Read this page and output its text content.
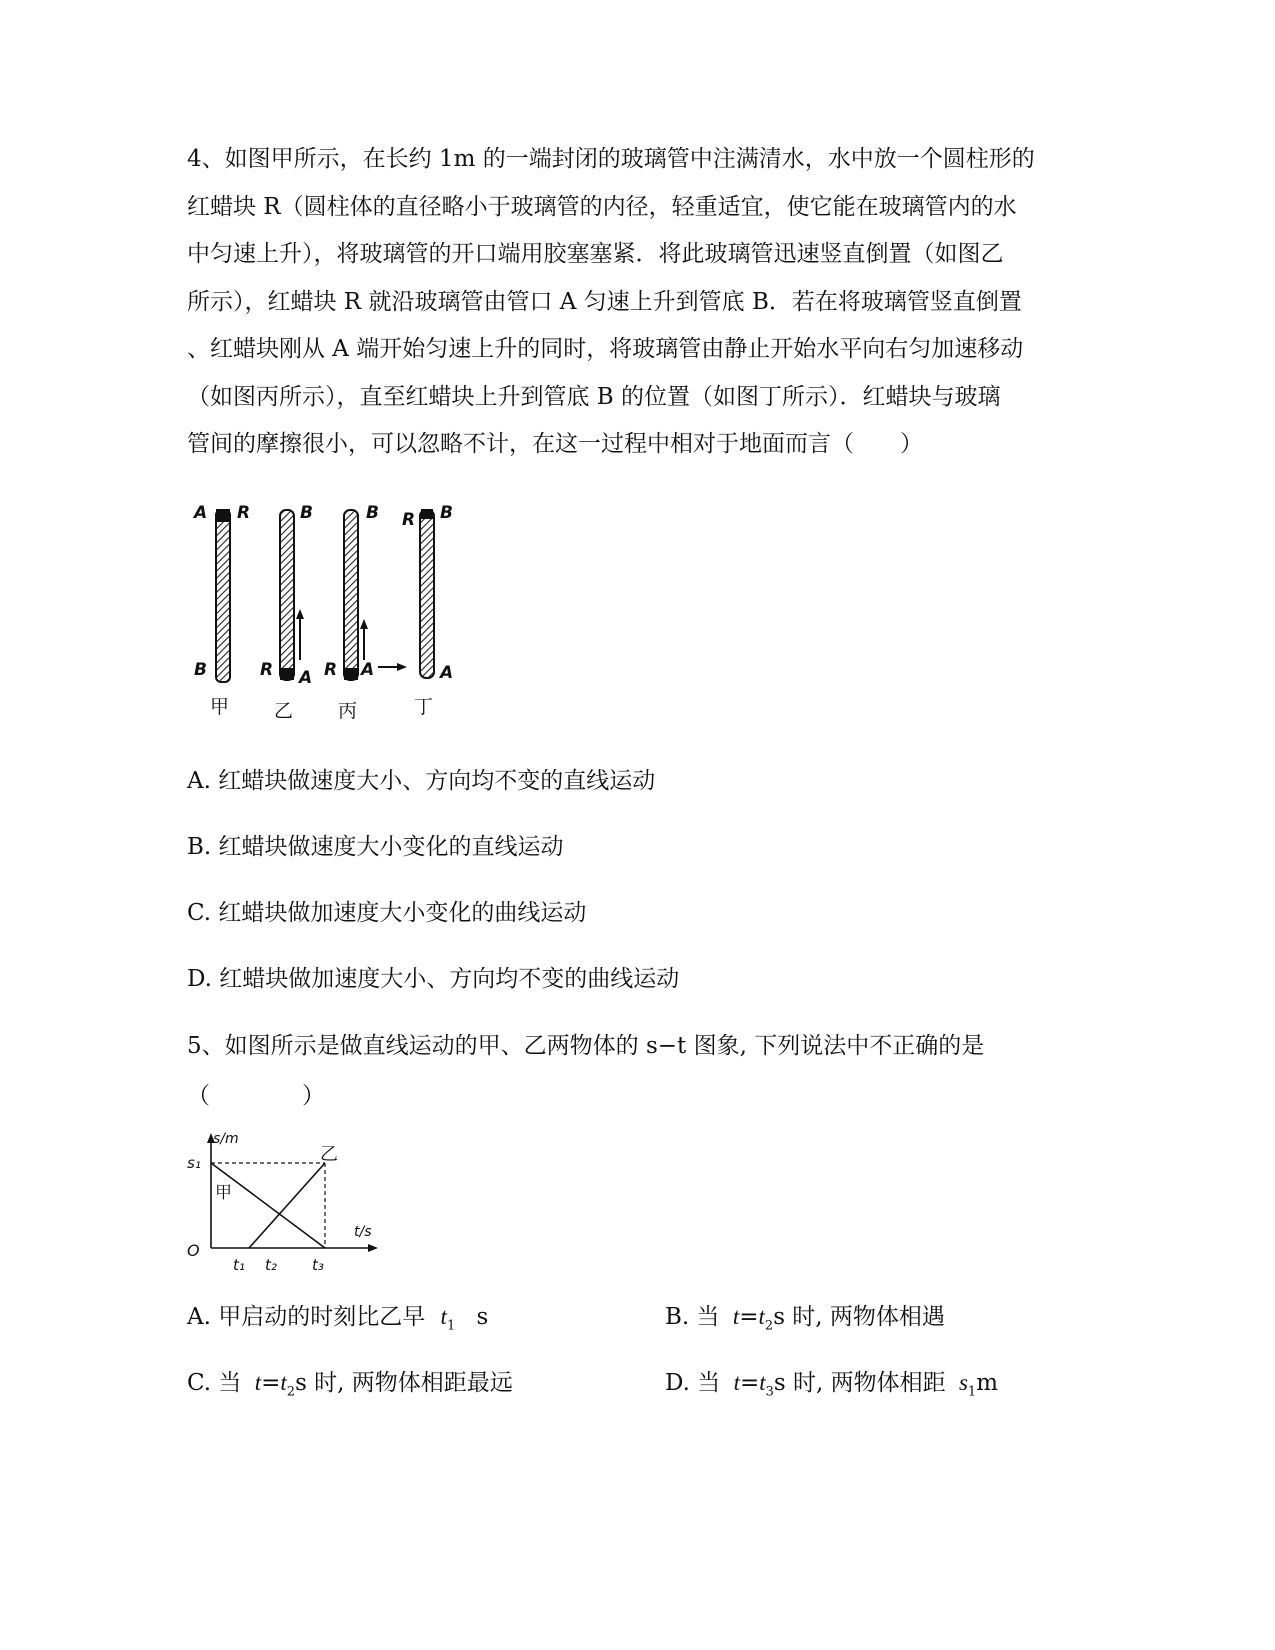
4、如图甲所示，在长约 1m 的一端封闭的玻璃管中注满清水，水中放一个圆柱形的
红蜡块 R（圆柱体的直径略小于玻璃管的内径，轻重适宜，使它能在玻璃管内的水
中匀速上升），将玻璃管的开口端用胶塞塞紧．将此玻璃管迅速竖直倒置（如图乙
所示），红蜡块 R 就沿玻璃管由管口 A 匀速上升到管底 B．若在将玻璃管竖直倒置
、红蜡块刚从 A 端开始匀速上升的同时，将玻璃管由静止开始水平向右匀加速移动
（如图丙所示），直至红蜡块上升到管底 B 的位置（如图丁所示）．红蜡块与玻璃
管间的摩擦很小，可以忽略不计，在这一过程中相对于地面而言（　　）
A R
B
B
R A
B
R A
R B
A
甲 乙 丙	丁
A. 红蜡块做速度大小、方向均不变的直线运动
B. 红蜡块做速度大小变化的直线运动
C. 红蜡块做加速度大小变化的曲线运动
D. 红蜡块做加速度大小、方向均不变的曲线运动
5、如图所示是做直线运动的甲、乙两物体的 s−t 图象, 下列说法中不正确的是
（　　　　）
s/m
t/s
s₁
O
t₁ t₂ t₃
甲
乙
A. 甲启动的时刻比乙早 $t_1$ s	B. 当 $t=t_2s$ 时, 两物体相遇
C. 当 $t=t_2s$ 时, 两物体相距最远	D. 当 $t=t_3s$ 时, 两物体相距 $s_1m$
